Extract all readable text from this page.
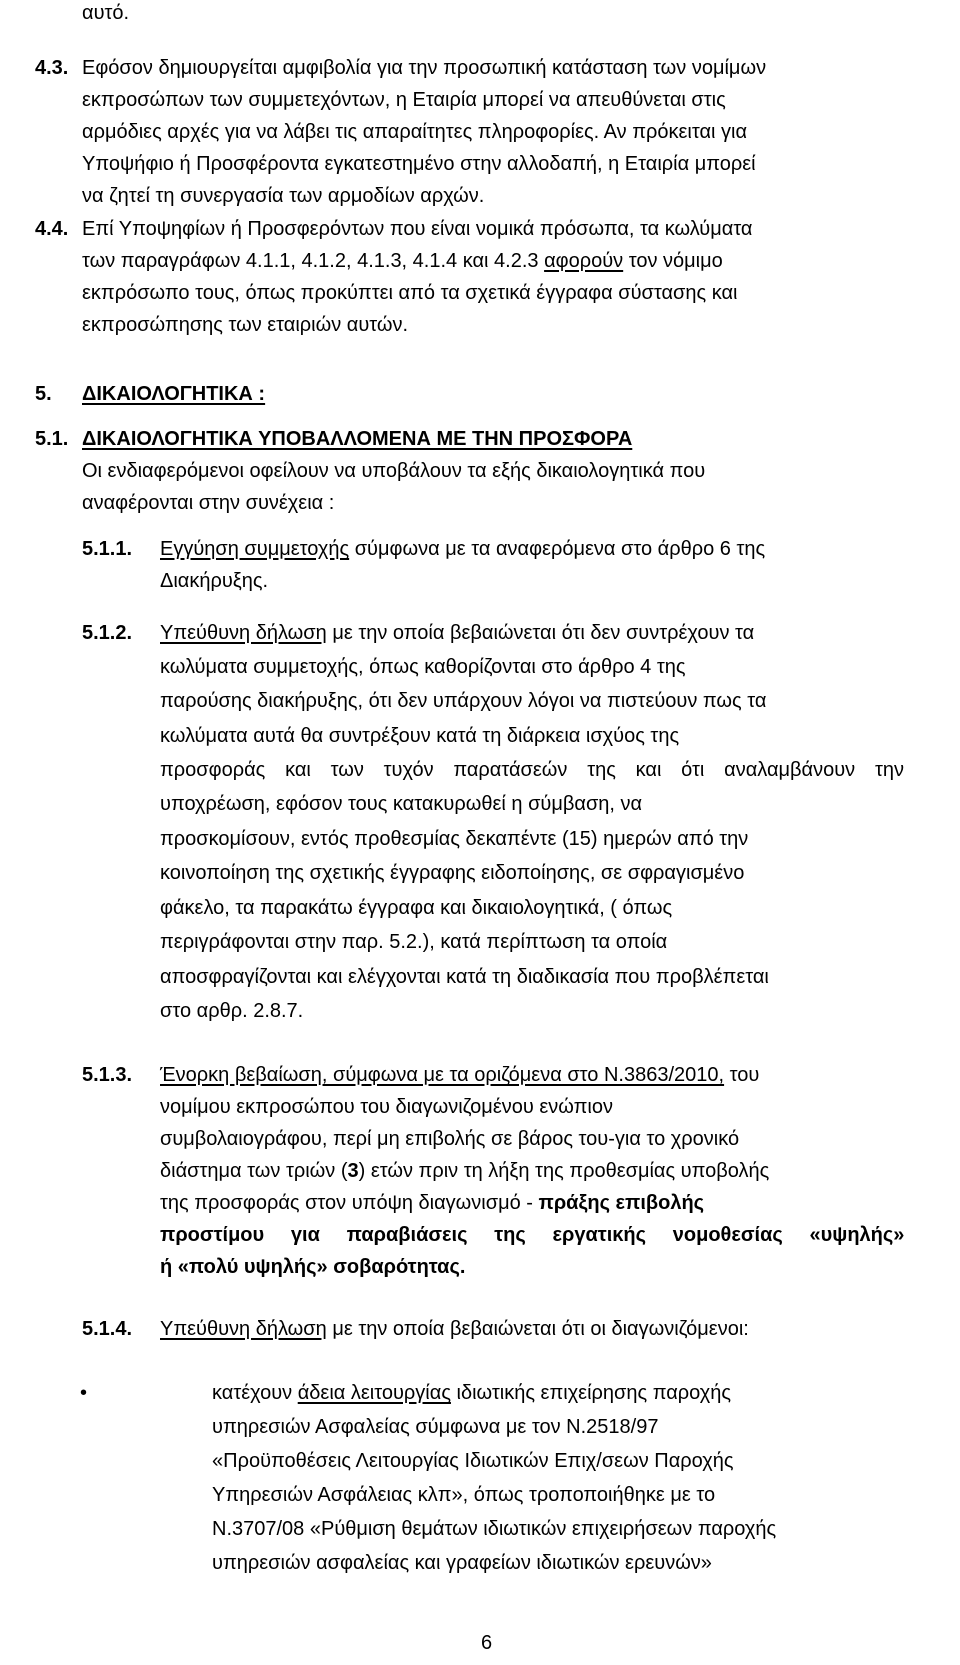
αυτό.
4.3. Εφόσον δημιουργείται αμφιβολία για την προσωπική κατάσταση των νομίμων
εκπροσώπων των συμμετεχόντων, η Εταιρία μπορεί να απευθύνεται στις
αρμόδιες αρχές για να λάβει τις απαραίτητες πληροφορίες. Αν πρόκειται για
Υποψήφιο ή Προσφέροντα εγκατεστημένο στην αλλοδαπή, η Εταιρία μπορεί
να ζητεί τη συνεργασία των αρμοδίων αρχών.
4.4. Επί Υποψηφίων ή Προσφερόντων που είναι νομικά πρόσωπα, τα κωλύματα
των παραγράφων 4.1.1, 4.1.2, 4.1.3, 4.1.4 και 4.2.3 αφορούν τον νόμιμο
εκπρόσωπο τους, όπως προκύπτει από τα σχετικά έγγραφα σύστασης και
εκπροσώπησης των εταιριών αυτών.
5. ΔΙΚΑΙΟΛΟΓΗΤΙΚΑ :
5.1. ΔΙΚΑΙΟΛΟΓΗΤΙΚΑ ΥΠΟΒΑΛΛΟΜΕΝΑ ΜΕ ΤΗΝ ΠΡΟΣΦΟΡΑ
Οι ενδιαφερόμενοι οφείλουν να υποβάλουν τα εξής δικαιολογητικά που
αναφέρονται στην συνέχεια :
5.1.1. Εγγύηση συμμετοχής σύμφωνα με τα αναφερόμενα στο άρθρο 6 της
Διακήρυξης.
5.1.2. Υπεύθυνη δήλωση με την οποία βεβαιώνεται ότι δεν συντρέχουν τα
κωλύματα συμμετοχής, όπως καθορίζονται στο άρθρο 4 της
παρούσης διακήρυξης, ότι δεν υπάρχουν λόγοι να πιστεύουν πως τα
κωλύματα αυτά θα συντρέξουν κατά τη διάρκεια ισχύος της
προσφοράς και των τυχόν παρατάσεών της και ότι αναλαμβάνουν την
υποχρέωση, εφόσον τους κατακυρωθεί η σύμβαση, να
προσκομίσουν, εντός προθεσμίας δεκαπέντε (15) ημερών από την
κοινοποίηση της σχετικής έγγραφης ειδοποίησης, σε σφραγισμένο
φάκελο, τα παρακάτω έγγραφα και δικαιολογητικά, ( όπως
περιγράφονται στην παρ. 5.2.), κατά περίπτωση τα οποία
αποσφραγίζονται και ελέγχονται κατά τη διαδικασία που προβλέπεται
στο αρθρ. 2.8.7.
5.1.3. Ένορκη βεβαίωση, σύμφωνα με τα οριζόμενα στο Ν.3863/2010, του
νομίμου εκπροσώπου του διαγωνιζομένου ενώπιον
συμβολαιογράφου, περί μη επιβολής σε βάρος του-για το χρονικό
διάστημα των τριών (3) ετών πριν τη λήξη της προθεσμίας υποβολής
της προσφοράς στον υπόψη διαγωνισμό - πράξης επιβολής
προστίμου για παραβιάσεις της εργατικής νομοθεσίας «υψηλής»
ή «πολύ υψηλής» σοβαρότητας.
5.1.4. Υπεύθυνη δήλωση με την οποία βεβαιώνεται ότι οι διαγωνιζόμενοι:
•	κατέχουν άδεια λειτουργίας ιδιωτικής επιχείρησης παροχής
υπηρεσιών Ασφαλείας σύμφωνα με τον Ν.2518/97
«Προϋποθέσεις Λειτουργίας Ιδιωτικών Επιχ/σεων Παροχής
Υπηρεσιών Ασφάλειας κλπ», όπως τροποποιήθηκε με το
Ν.3707/08 «Ρύθμιση θεμάτων ιδιωτικών επιχειρήσεων παροχής
υπηρεσιών ασφαλείας και γραφείων ιδιωτικών ερευνών»
6
